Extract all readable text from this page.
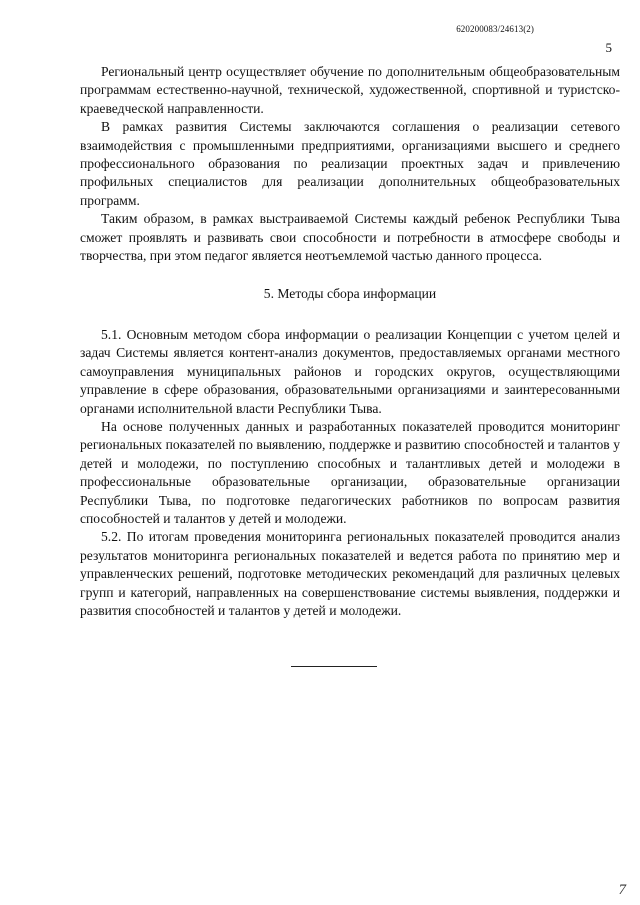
620200083/24613(2)
5

Региональный центр осуществляет обучение по дополнительным общеобразовательным программам естественно-научной, технической, художественной, спортивной и туристско-краеведческой направленности.

В рамках развития Системы заключаются соглашения о реализации сетевого взаимодействия с промышленными предприятиями, организациями высшего и среднего профессионального образования по реализации проектных задач и привлечению профильных специалистов для реализации дополнительных общеобразовательных программ.

Таким образом, в рамках выстраиваемой Системы каждый ребенок Республики Тыва сможет проявлять и развивать свои способности и потребности в атмосфере свободы и творчества, при этом педагог является неотъемлемой частью данного процесса.

5. Методы сбора информации

5.1. Основным методом сбора информации о реализации Концепции с учетом целей и задач Системы является контент-анализ документов, предоставляемых органами местного самоуправления муниципальных районов и городских округов, осуществляющими управление в сфере образования, образовательными организациями и заинтересованными органами исполнительной власти Республики Тыва.

На основе полученных данных и разработанных показателей проводится мониторинг региональных показателей по выявлению, поддержке и развитию способностей и талантов у детей и молодежи, по поступлению способных и талантливых детей и молодежи в профессиональные образовательные организации, образовательные организации Республики Тыва, по подготовке педагогических работников по вопросам развития способностей и талантов у детей и молодежи.

5.2. По итогам проведения мониторинга региональных показателей проводится анализ результатов мониторинга региональных показателей и ведется работа по принятию мер и управленческих решений, подготовке методических рекомендаций для различных целевых групп и категорий, направленных на совершенствование системы выявления, поддержки и развития способностей и талантов у детей и молодежи.

7
